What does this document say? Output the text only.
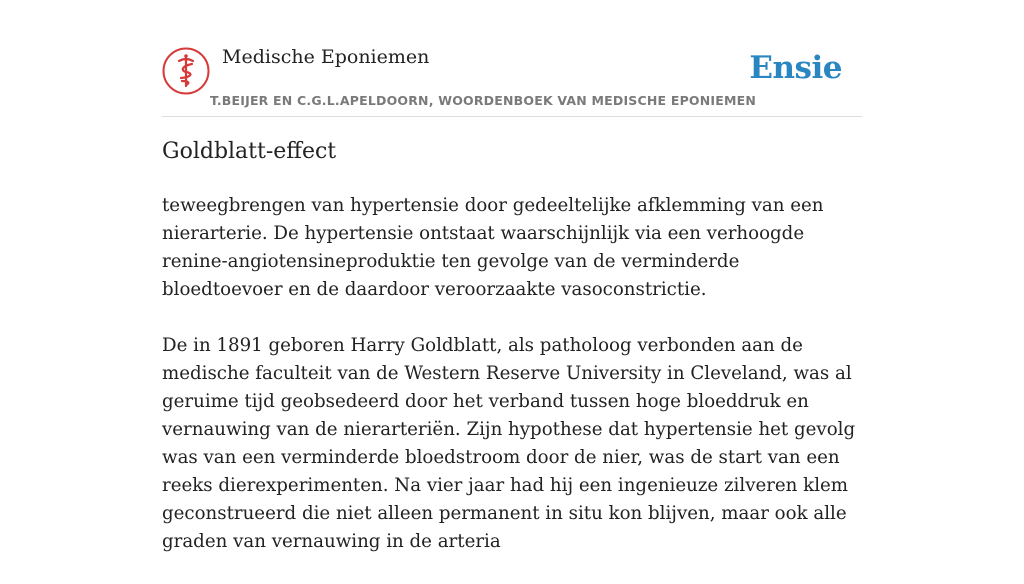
Medische Eponiemen
T.BEIJER EN C.G.L.APELDOORN, WOORDENBOEK VAN MEDISCHE EPONIEMEN
Ensie
Goldblatt-effect

teweegbrengen van hypertensie door gedeeltelijke afklemming van een nierarterie. De hypertensie ontstaat waarschijnlijk via een verhoogde renine-angiotensineproduktie ten gevolge van de verminderde bloedtoevoer en de daardoor veroorzaakte vasoconstrictie.

De in 1891 geboren Harry Goldblatt, als patholoog verbonden aan de medische faculteit van de Western Reserve University in Cleveland, was al geruime tijd geobsedeerd door het verband tussen hoge bloeddruk en vernauwing van de nierarteriën. Zijn hypothese dat hypertensie het gevolg was van een verminderde bloedstroom door de nier, was de start van een reeks dierexperimenten. Na vier jaar had hij een ingenieuze zilveren klem geconstrueerd die niet alleen permanent in situ kon blijven, maar ook alle graden van vernauwing in de arteria
